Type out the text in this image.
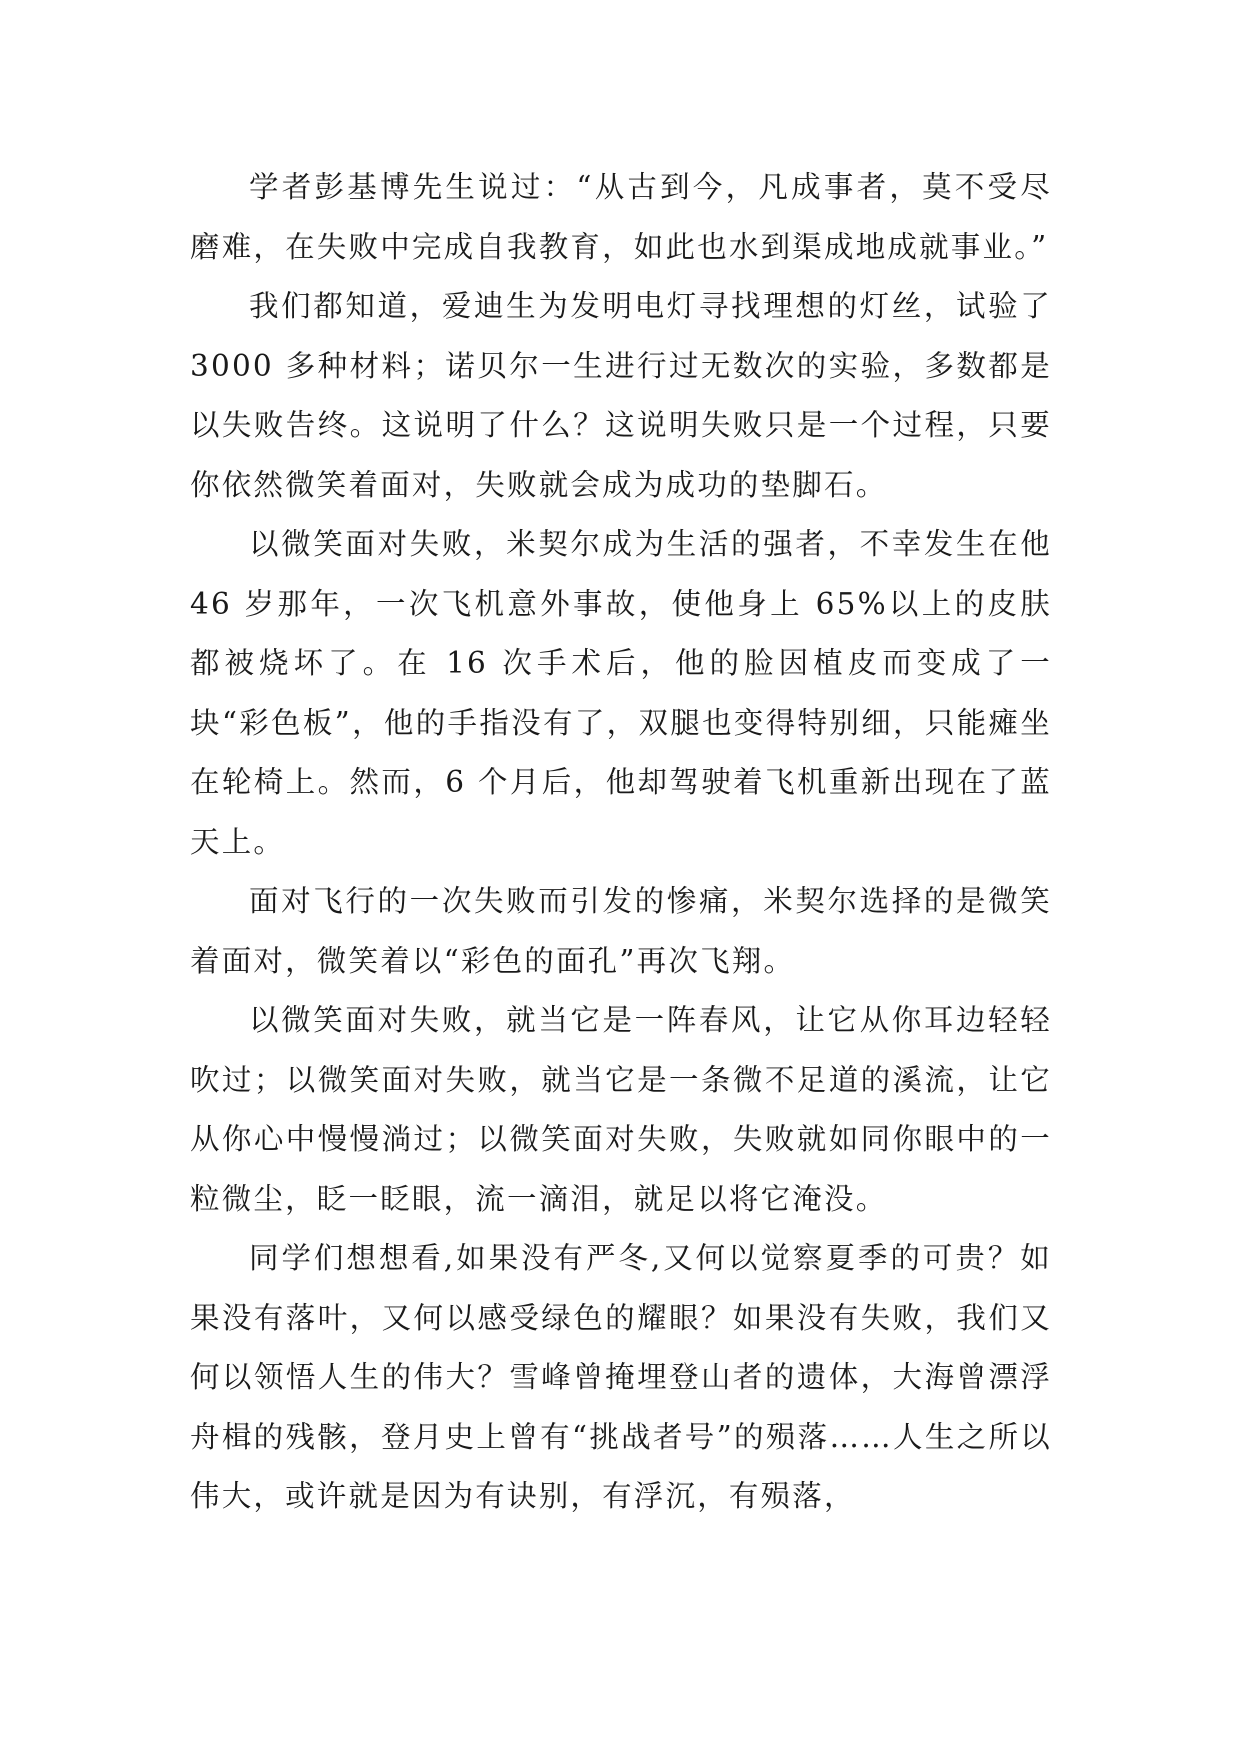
学者彭基博先生说过：“从古到今，凡成事者，莫不受尽磨难，在失败中完成自我教育，如此也水到渠成地成就事业。”

我们都知道，爱迪生为发明电灯寻找理想的灯丝，试验了 3000 多种材料；诺贝尔一生进行过无数次的实验，多数都是以失败告终。这说明了什么？这说明失败只是一个过程，只要你依然微笑着面对，失败就会成为成功的垫脚石。

以微笑面对失败，米契尔成为生活的强者，不幸发生在他 46 岁那年，一次飞机意外事故，使他身上 65%以上的皮肤都被烧坏了。在 16 次手术后，他的脸因植皮而变成了一块“彩色板”，他的手指没有了，双腿也变得特别细，只能瘫坐在轮椅上。然而，6 个月后，他却驾驶着飞机重新出现在了蓝天上。

面对飞行的一次失败而引发的惨痛，米契尔选择的是微笑着面对，微笑着以“彩色的面孔”再次飞翔。

以微笑面对失败，就当它是一阵春风，让它从你耳边轻轻吹过；以微笑面对失败，就当它是一条微不足道的溪流，让它从你心中慢慢淌过；以微笑面对失败，失败就如同你眼中的一粒微尘，眨一眨眼，流一滴泪，就足以将它淹没。

同学们想想看,如果没有严冬,又何以觉察夏季的可贵？如果没有落叶，又何以感受绿色的耀眼？如果没有失败，我们又何以领悟人生的伟大？雪峰曾掩埋登山者的遗体，大海曾漂浮舟楫的残骸，登月史上曾有“挑战者号”的殒落……人生之所以伟大，或许就是因为有诀别，有浮沉，有殒落，
